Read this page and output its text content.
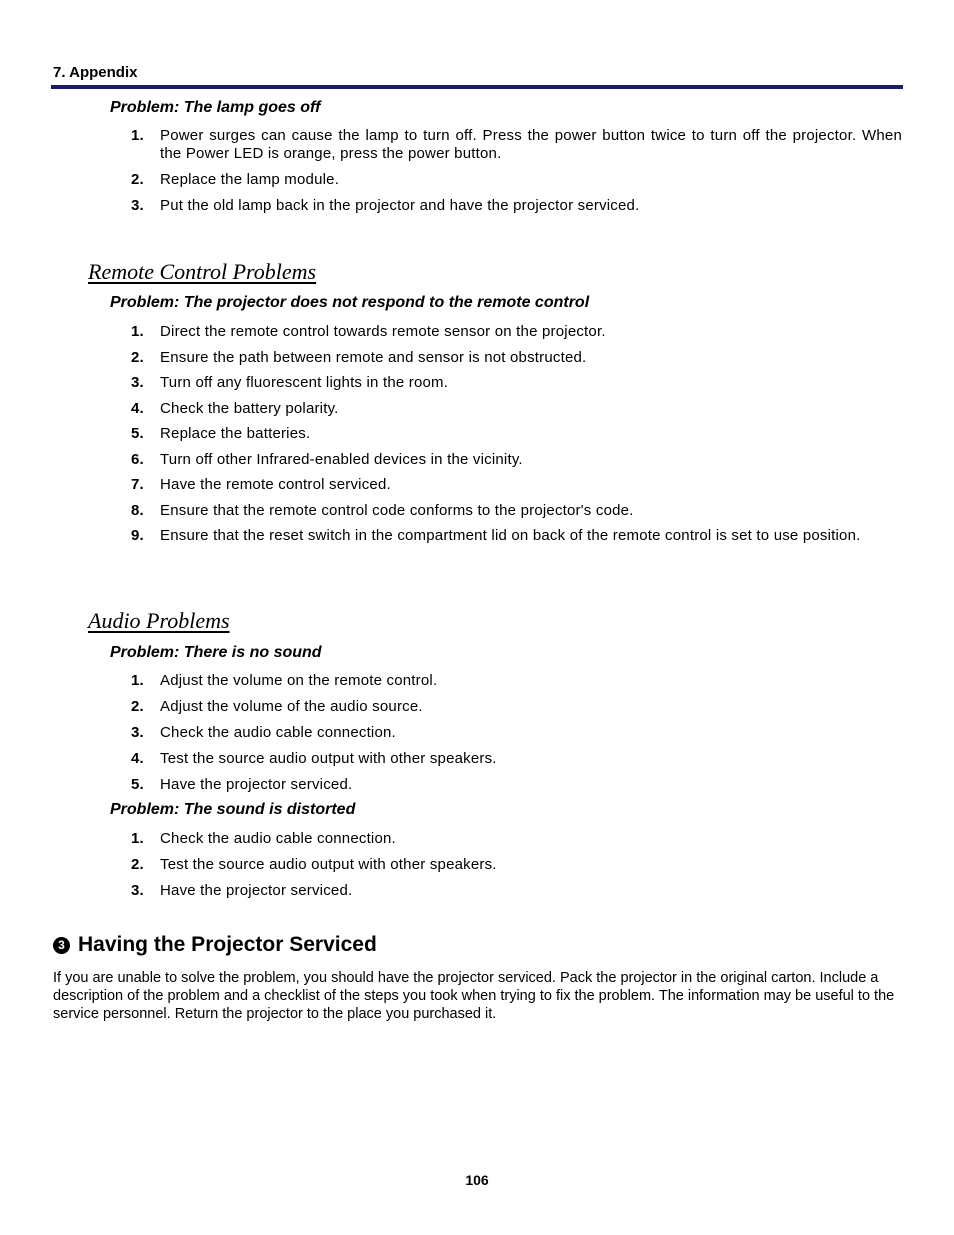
7. Appendix
Problem: The lamp goes off
1. Power surges can cause the lamp to turn off. Press the power button twice to turn off the projector. When the Power LED is orange, press the power button.
2. Replace the lamp module.
3. Put the old lamp back in the projector and have the projector serviced.
Remote Control Problems
Problem: The projector does not respond to the remote control
1. Direct the remote control towards remote sensor on the projector.
2. Ensure the path between remote and sensor is not obstructed.
3. Turn off any fluorescent lights in the room.
4. Check the battery polarity.
5. Replace the batteries.
6. Turn off other Infrared-enabled devices in the vicinity.
7. Have the remote control serviced.
8. Ensure that the remote control code conforms to the projector's code.
9. Ensure that the reset switch in the compartment lid on back of the remote control is set to use position.
Audio Problems
Problem: There is no sound
1. Adjust the volume on the remote control.
2. Adjust the volume of the audio source.
3. Check the audio cable connection.
4. Test the source audio output with other speakers.
5. Have the projector serviced.
Problem: The sound is distorted
1. Check the audio cable connection.
2. Test the source audio output with other speakers.
3. Have the projector serviced.
3 Having the Projector Serviced
If you are unable to solve the problem, you should have the projector serviced. Pack the projector in the original carton. Include a description of the problem and a checklist of the steps you took when trying to fix the problem. The information may be useful to the service personnel. Return the projector to the place you purchased it.
106
